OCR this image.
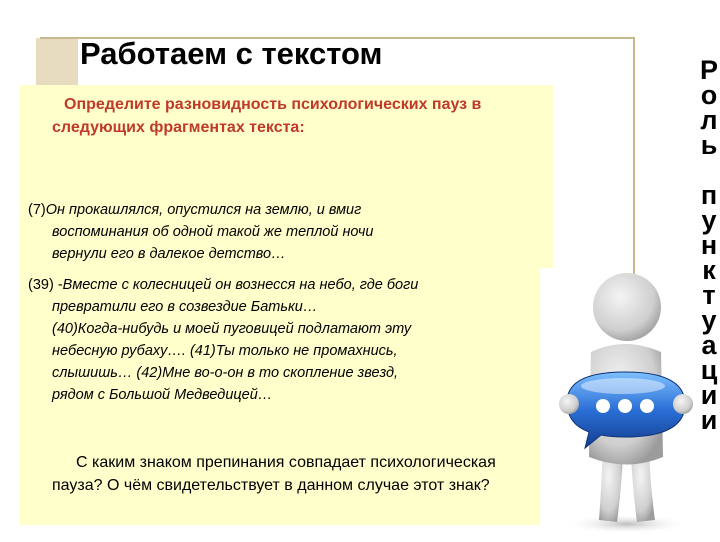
Работаем с текстом
Определите разновидность психологических пауз в следующих фрагментах текста:
(7)Он прокашлялся, опустился на землю, и вмиг
воспоминания об одной такой же теплой ночи
вернули его в далекое детство…
(39) -Вместе с колесницей он вознесся на небо, где боги
превратили его в созвездие Батьки…
(40)Когда-нибудь и моей пуговицей подлатают эту
небесную рубаху…. (41)Ты только не промахнись,
слышишь… (42)Мне во-о-он в то скопление звезд,
рядом с Большой Медведицей…
С каким знаком препинания совпадает психологическая пауза? О чём свидетельствует в данном случае этот знак?
Р
о
л
ь
п
у
н
к
т
у
а
ц
и
и
